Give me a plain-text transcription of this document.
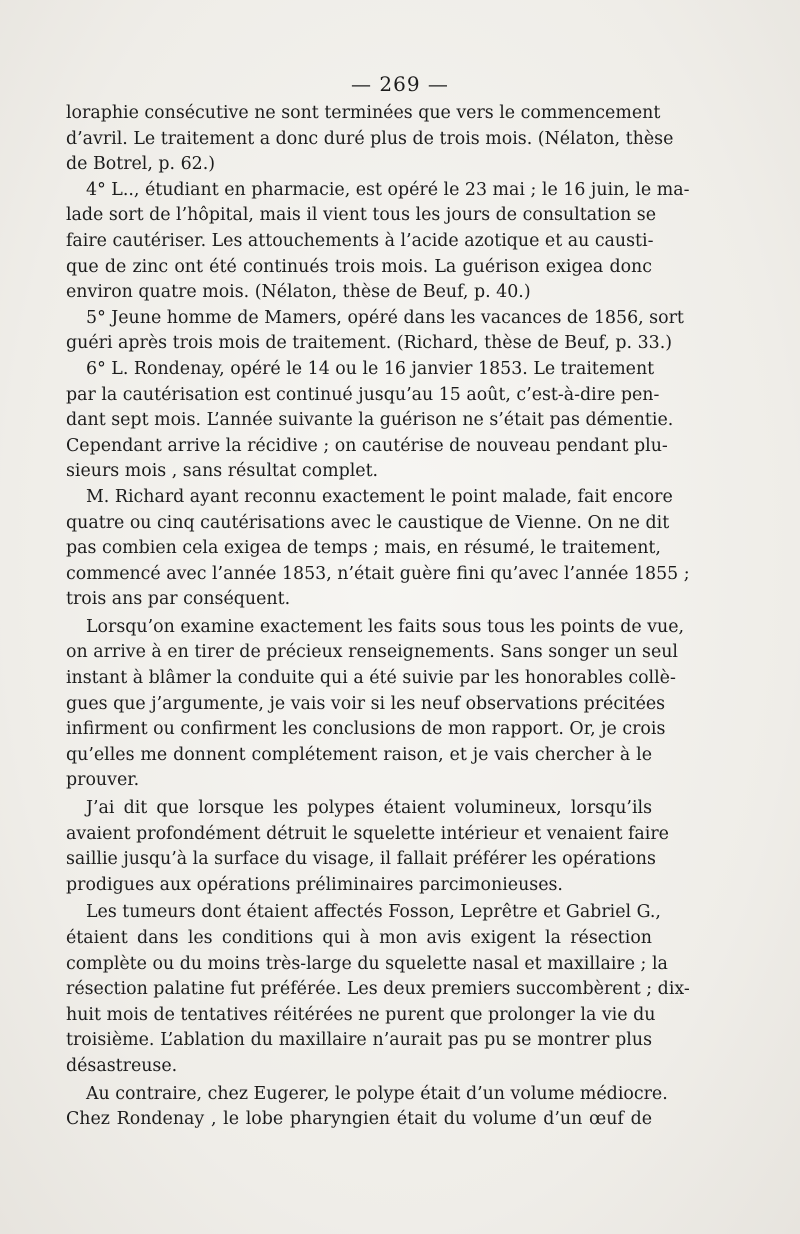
— 269 —
loraphie consécutive ne sont terminées que vers le commencement
d’avril. Le traitement a donc duré plus de trois mois. (Nélaton, thèse
de Botrel, p. 62.)
4° L.., étudiant en pharmacie, est opéré le 23 mai ; le 16 juin, le ma-
lade sort de l’hôpital, mais il vient tous les jours de consultation se
faire cautériser. Les attouchements à l’acide azotique et au causti-
que de zinc ont été continués trois mois. La guérison exigea donc
environ quatre mois. (Nélaton, thèse de Beuf, p. 40.)
5° Jeune homme de Mamers, opéré dans les vacances de 1856, sort
guéri après trois mois de traitement. (Richard, thèse de Beuf, p. 33.)
6° L. Rondenay, opéré le 14 ou le 16 janvier 1853. Le traitement
par la cautérisation est continué jusqu’au 15 août, c’est-à-dire pen-
dant sept mois. L’année suivante la guérison ne s’était pas démentie.
Cependant arrive la récidive ; on cautérise de nouveau pendant plu-
sieurs mois , sans résultat complet.
M. Richard ayant reconnu exactement le point malade, fait encore
quatre ou cinq cautérisations avec le caustique de Vienne. On ne dit
pas combien cela exigea de temps ; mais, en résumé, le traitement,
commencé avec l’année 1853, n’était guère fini qu’avec l’année 1855 ;
trois ans par conséquent.
Lorsqu’on examine exactement les faits sous tous les points de vue,
on arrive à en tirer de précieux renseignements. Sans songer un seul
instant à blâmer la conduite qui a été suivie par les honorables collè-
gues que j’argumente, je vais voir si les neuf observations précitées
infirment ou confirment les conclusions de mon rapport. Or, je crois
qu’elles me donnent complétement raison, et je vais chercher à le
prouver.
J’ai dit que lorsque les polypes étaient volumineux, lorsqu’ils
avaient profondément détruit le squelette intérieur et venaient faire
saillie jusqu’à la surface du visage, il fallait préférer les opérations
prodigues aux opérations préliminaires parcimonieuses.
Les tumeurs dont étaient affectés Fosson, Leprêtre et Gabriel G.,
étaient dans les conditions qui à mon avis exigent la résection
complète ou du moins très-large du squelette nasal et maxillaire ; la
résection palatine fut préférée. Les deux premiers succombèrent ; dix-
huit mois de tentatives réitérées ne purent que prolonger la vie du
troisième. L’ablation du maxillaire n’aurait pas pu se montrer plus
désastreuse.
Au contraire, chez Eugerer, le polype était d’un volume médiocre.
Chez Rondenay , le lobe pharyngien était du volume d’un œuf de
